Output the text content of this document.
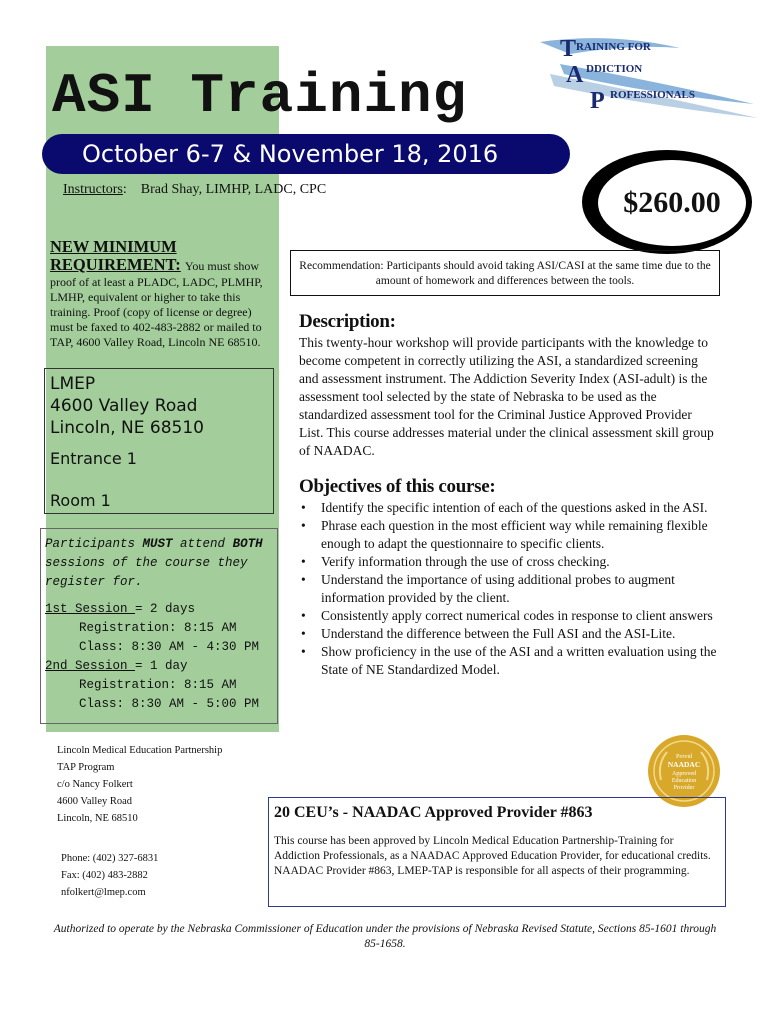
ASI Training
October 6-7 & November 18, 2016
Instructors:    Brad Shay, LIMHP, LADC, CPC	$260.00
T RAINING FOR
A DDICTION
P ROFESSIONALS
NEW MINIMUM
REQUIREMENT: You must show
proof of at least a PLADC, LADC, PLMHP, LMHP, equivalent or higher to take this training. Proof (copy of license or degree) must be faxed to 402-483-2882 or mailed to TAP, 4600 Valley Road, Lincoln NE 68510.
LMEP
4600 Valley Road
Lincoln, NE 68510
Entrance 1
Room 1
Participants MUST attend BOTH sessions of the course they register for.
1st Session = 2 days
Registration: 8:15 AM
Class: 8:30 AM - 4:30 PM
2nd Session = 1 day
Registration: 8:15 AM
Class: 8:30 AM - 5:00 PM
Recommendation: Participants should avoid taking ASI/CASI at the same time due to the amount of homework and differences between the tools.
Description:
This twenty-hour workshop will provide participants with the knowledge to become competent in correctly utilizing the ASI, a standardized screening and assessment instrument. The Addiction Severity Index (ASI-adult) is the assessment tool selected by the state of Nebraska to be used as the standardized assessment tool for the Criminal Justice Approved Provider List. This course addresses material under the clinical assessment skill group of NAADAC.
Objectives of this course:
• Identify the specific intention of each of the questions asked in the ASI.
• Phrase each question in the most efficient way while remaining flexible enough to adapt the questionnaire to specific clients.
• Verify information through the use of cross checking.
• Understand the importance of using additional probes to augment information provided by the client.
• Consistently apply correct numerical codes in response to client answers
• Understand the difference between the Full ASI and the ASI-Lite.
• Show proficiency in the use of the ASI and a written evaluation using the State of NE Standardized Model.
Lincoln Medical Education Partnership
TAP Program
c/o Nancy Folkert
4600 Valley Road
Lincoln, NE 68510
Phone: (402) 327-6831
Fax: (402) 483-2882
nfolkert@lmep.com
Provid
NAADAC
Approved
Education
Provider
20 CEU’s - NAADAC Approved Provider #863
This course has been approved by Lincoln Medical Education Partnership-Training for Addiction Professionals, as a NAADAC Approved Education Provider, for educational credits. NAADAC Provider #863, LMEP-TAP is responsible for all aspects of their programming.
Authorized to operate by the Nebraska Commissioner of Education under the provisions of Nebraska Revised Statute, Sections 85-1601 through 85-1658.
